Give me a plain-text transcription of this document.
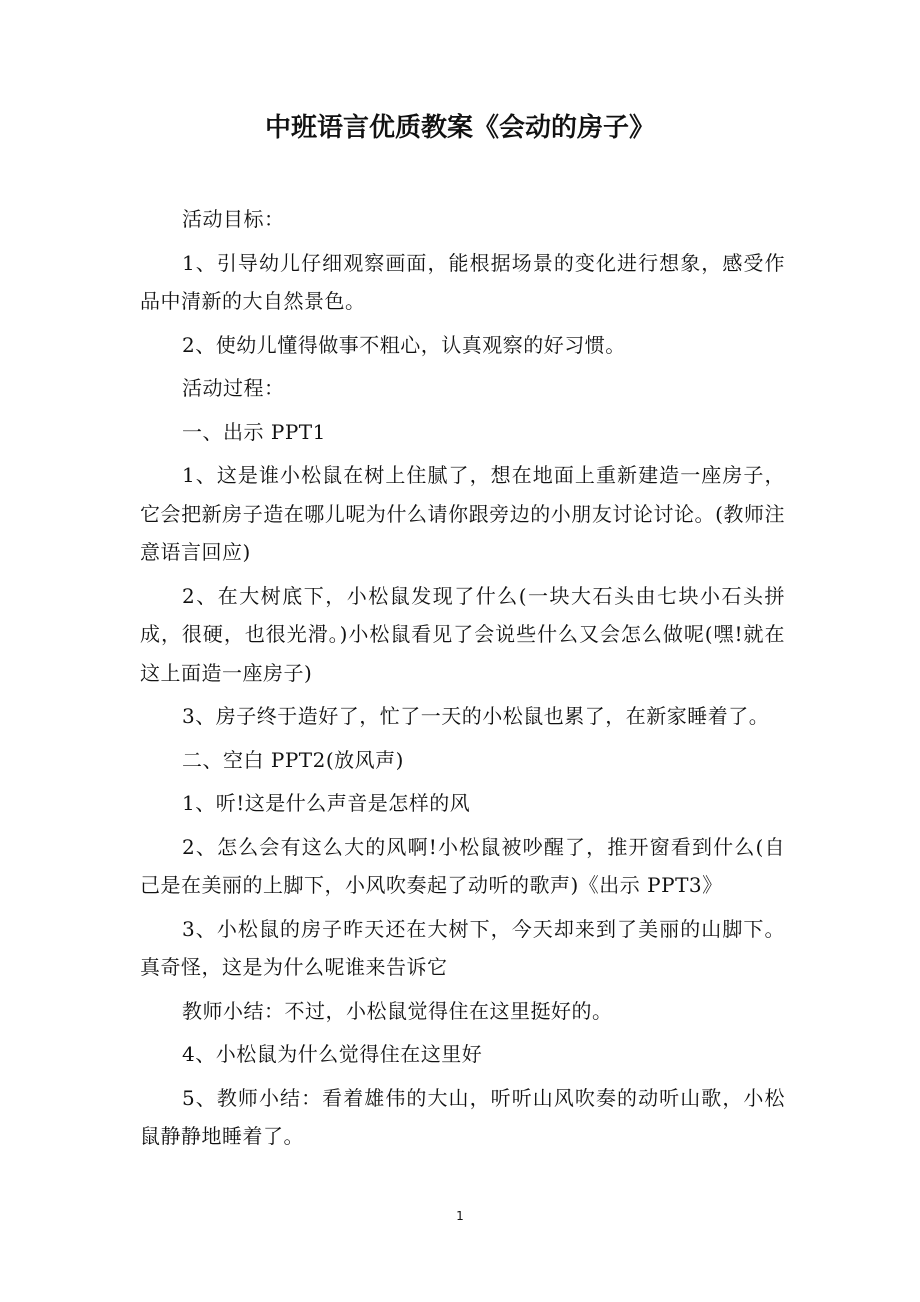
中班语言优质教案《会动的房子》

活动目标：

1、引导幼儿仔细观察画面，能根据场景的变化进行想象，感受作品中清新的大自然景色。

2、使幼儿懂得做事不粗心，认真观察的好习惯。

活动过程：

一、出示 PPT1

1、这是谁小松鼠在树上住腻了，想在地面上重新建造一座房子，它会把新房子造在哪儿呢为什么请你跟旁边的小朋友讨论讨论。(教师注意语言回应)

2、在大树底下，小松鼠发现了什么(一块大石头由七块小石头拼成，很硬，也很光滑。)小松鼠看见了会说些什么又会怎么做呢(嘿!就在这上面造一座房子)

3、房子终于造好了，忙了一天的小松鼠也累了，在新家睡着了。

二、空白 PPT2(放风声)

1、听!这是什么声音是怎样的风

2、怎么会有这么大的风啊!小松鼠被吵醒了，推开窗看到什么(自己是在美丽的上脚下，小风吹奏起了动听的歌声)《出示 PPT3》

3、小松鼠的房子昨天还在大树下，今天却来到了美丽的山脚下。真奇怪，这是为什么呢谁来告诉它

教师小结：不过，小松鼠觉得住在这里挺好的。

4、小松鼠为什么觉得住在这里好

5、教师小结：看着雄伟的大山，听听山风吹奏的动听山歌，小松鼠静静地睡着了。

1
